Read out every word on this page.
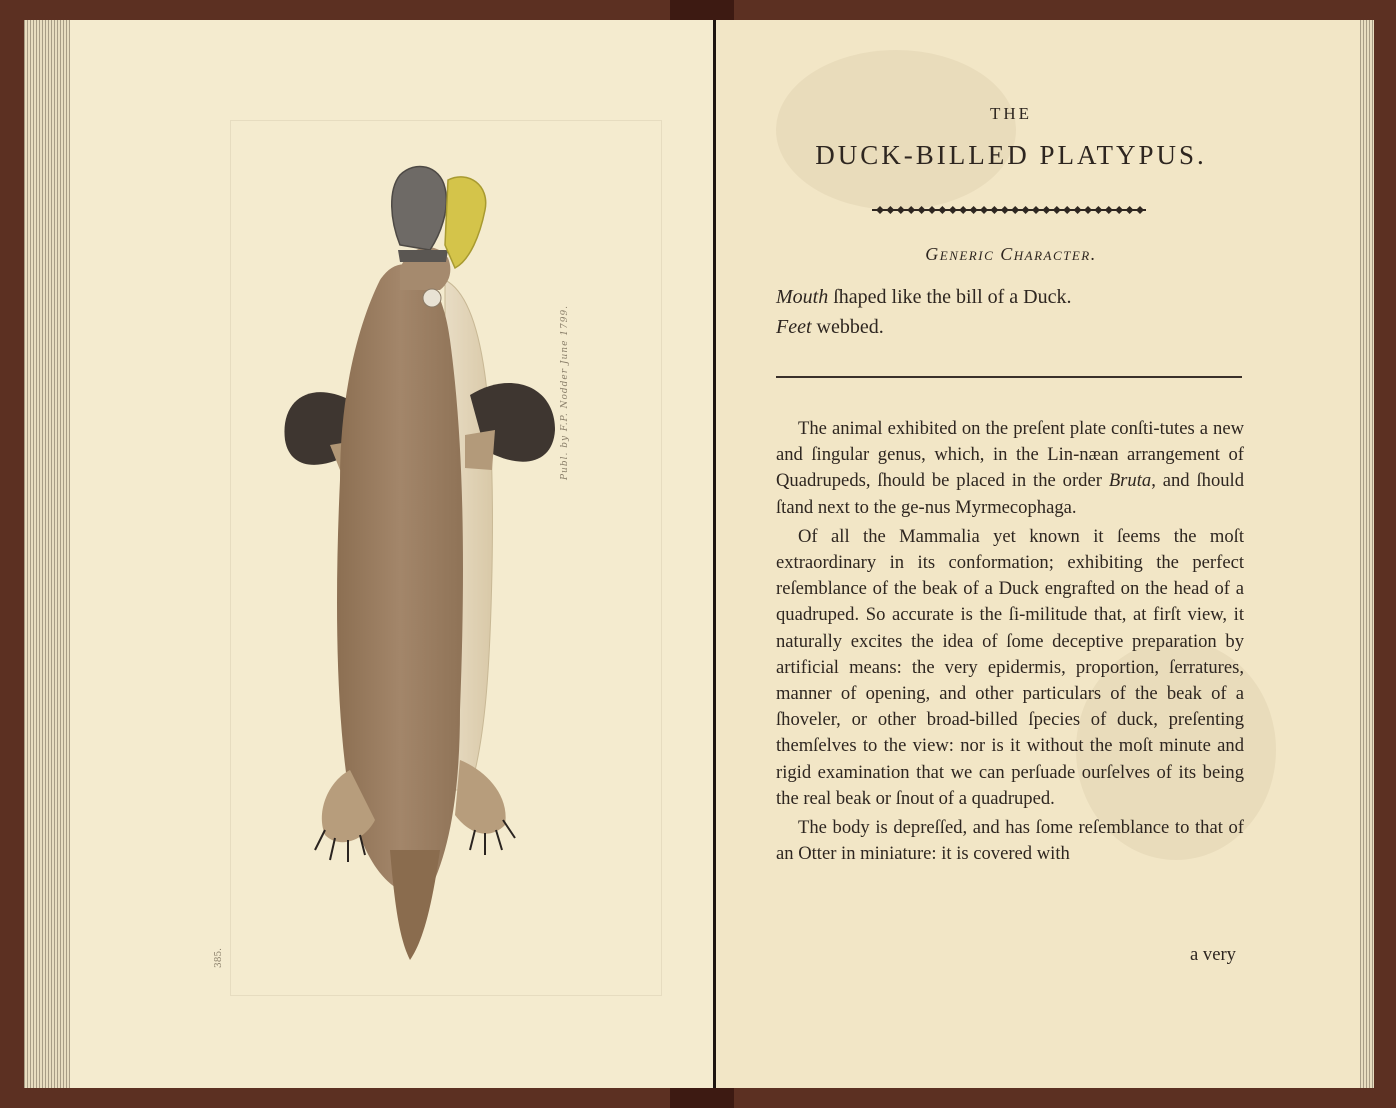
Publ. by F.P. Nodder June 1799.
385.
THE
DUCK-BILLED PLATYPUS.
Generic Character.
Mouth ſhaped like the bill of a Duck.
Feet webbed.

The animal exhibited on the preſent plate conſti-tutes a new and ſingular genus, which, in the Lin-næan arrangement of Quadrupeds, ſhould be placed in the order Bruta, and ſhould ſtand next to the ge-nus Myrmecophaga.

Of all the Mammalia yet known it ſeems the moſt extraordinary in its conformation; exhibiting the perfect reſemblance of the beak of a Duck engrafted on the head of a quadruped. So accurate is the ſi-militude that, at firſt view, it naturally excites the idea of ſome deceptive preparation by artificial means: the very epidermis, proportion, ſerratures, manner of opening, and other particulars of the beak of a ſhoveler, or other broad-billed ſpecies of duck, preſenting themſelves to the view: nor is it without the moſt minute and rigid examination that we can perſuade ourſelves of its being the real beak or ſnout of a quadruped.

The body is depreſſed, and has ſome reſemblance to that of an Otter in miniature: it is covered with

a very
